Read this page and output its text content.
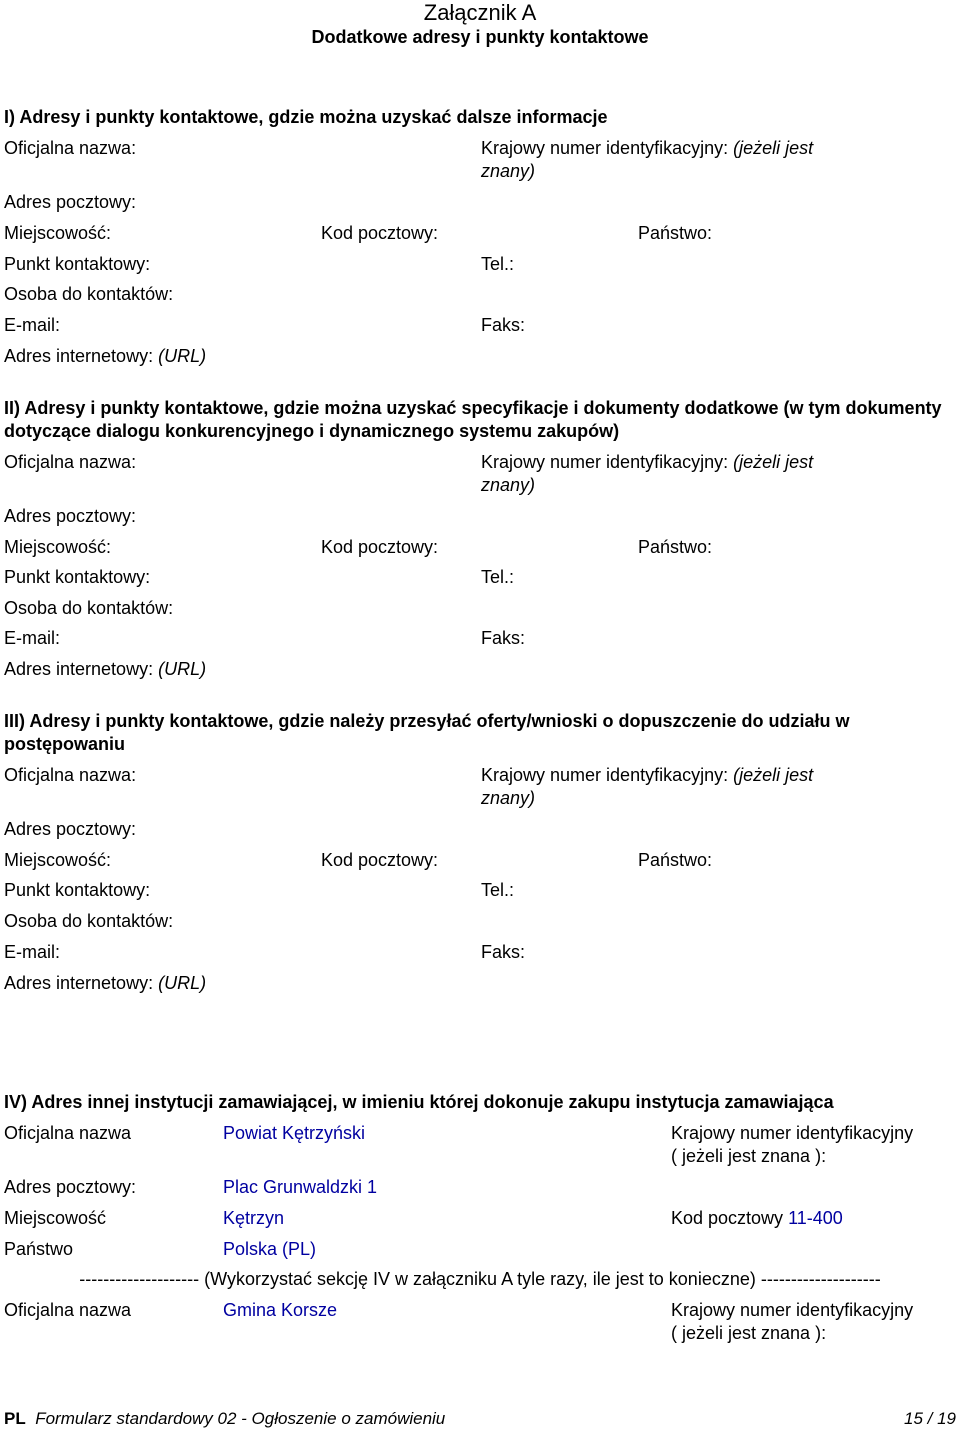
Załącznik A
Dodatkowe adresy i punkty kontaktowe
I) Adresy i punkty kontaktowe, gdzie można uzyskać dalsze informacje
Oficjalna nazwa:	Krajowy numer identyfikacyjny: (jeżeli jest
znany)
Adres pocztowy:
Miejscowość:	Kod pocztowy:	Państwo:
Punkt kontaktowy:	Tel.:
Osoba do kontaktów:
E-mail:	Faks:
Adres internetowy: (URL)
II) Adresy i punkty kontaktowe, gdzie można uzyskać specyfikacje i dokumenty dodatkowe (w tym dokumenty dotyczące dialogu konkurencyjnego i dynamicznego systemu zakupów)
Oficjalna nazwa:	Krajowy numer identyfikacyjny: (jeżeli jest
znany)
Adres pocztowy:
Miejscowość:	Kod pocztowy:	Państwo:
Punkt kontaktowy:	Tel.:
Osoba do kontaktów:
E-mail:	Faks:
Adres internetowy: (URL)
III) Adresy i punkty kontaktowe, gdzie należy przesyłać oferty/wnioski o dopuszczenie do udziału w postępowaniu
Oficjalna nazwa:	Krajowy numer identyfikacyjny: (jeżeli jest
znany)
Adres pocztowy:
Miejscowość:	Kod pocztowy:	Państwo:
Punkt kontaktowy:	Tel.:
Osoba do kontaktów:
E-mail:	Faks:
Adres internetowy: (URL)
IV) Adres innej instytucji zamawiającej, w imieniu której dokonuje zakupu instytucja zamawiająca
Oficjalna nazwa	Powiat Kętrzyński	Krajowy numer identyfikacyjny
( jeżeli jest znana ):
Adres pocztowy:	Plac Grunwaldzki 1
Miejscowość	Kętrzyn	Kod pocztowy 11-400
Państwo	Polska (PL)
-------------------- (Wykorzystać sekcję IV w załączniku A tyle razy, ile jest to konieczne) --------------------
Oficjalna nazwa	Gmina Korsze	Krajowy numer identyfikacyjny
( jeżeli jest znana ):
PL Formularz standardowy 02 - Ogłoszenie o zamówieniu	15 / 19
